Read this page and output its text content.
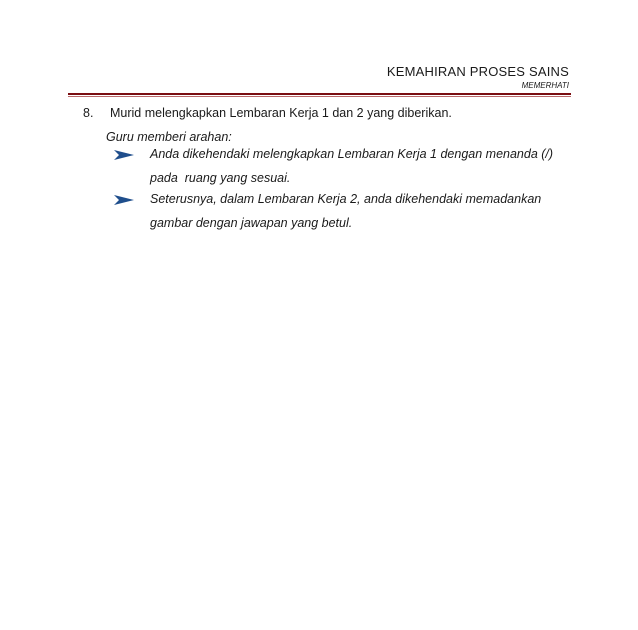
KEMAHIRAN PROSES SAINS
MEMERHATI
8. Murid melengkapkan Lembaran Kerja 1 dan 2 yang diberikan.
Guru memberi arahan:
Anda dikehendaki melengkapkan Lembaran Kerja 1 dengan menanda (/)
pada  ruang yang sesuai.
Seterusnya, dalam Lembaran Kerja 2, anda dikehendaki memadankan
gambar dengan jawapan yang betul.
